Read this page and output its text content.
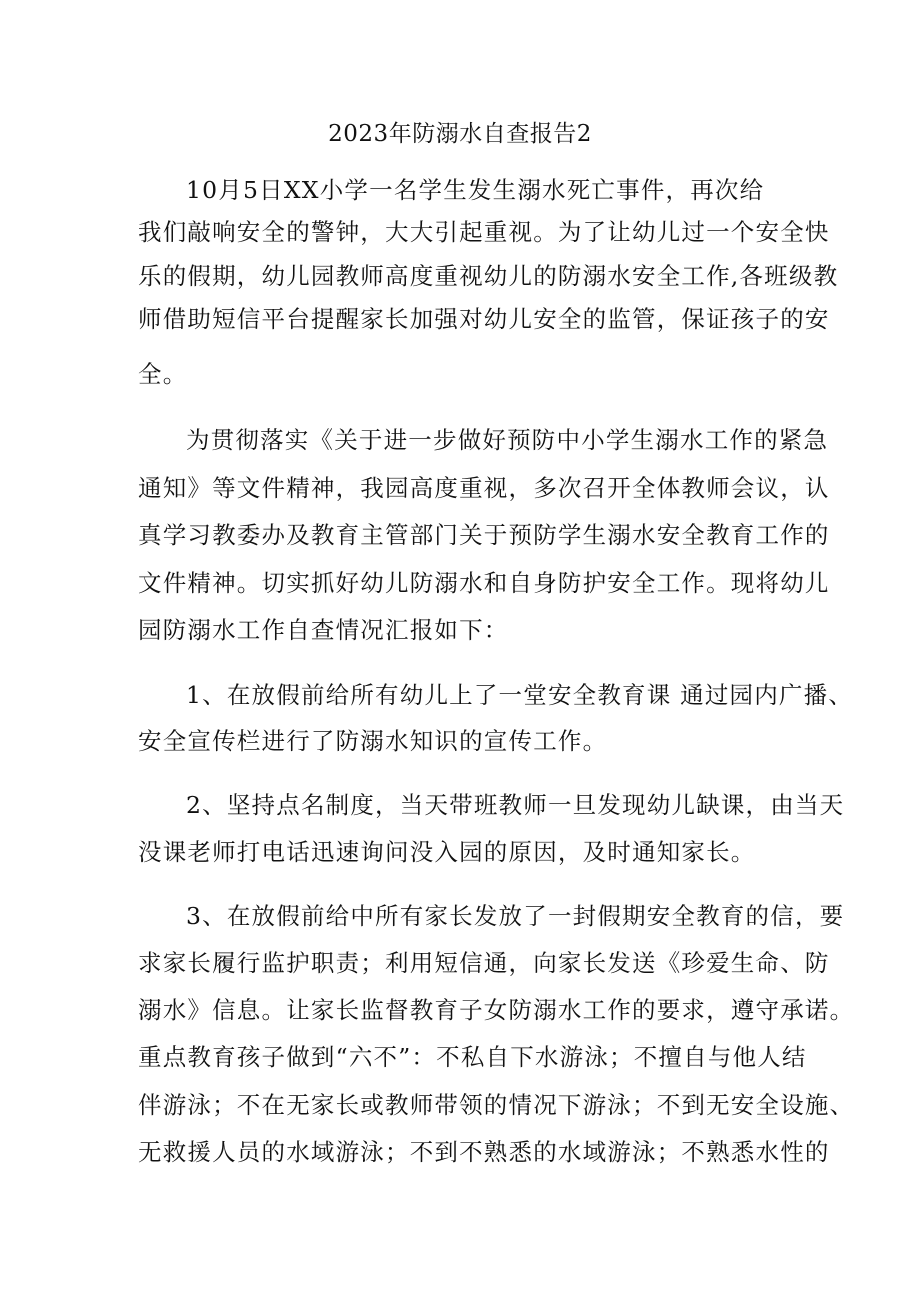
2023年防溺水自查报告2
10月5日XX小学一名学生发生溺水死亡事件，再次给
我们敲响安全的警钟，大大引起重视。为了让幼儿过一个安全快
乐的假期，幼儿园教师高度重视幼儿的防溺水安全工作,各班级教
师借助短信平台提醒家长加强对幼儿安全的监管，保证孩子的安
全。
为贯彻落实《关于进一步做好预防中小学生溺水工作的紧急
通知》等文件精神，我园高度重视，多次召开全体教师会议，认
真学习教委办及教育主管部门关于预防学生溺水安全教育工作的
文件精神。切实抓好幼儿防溺水和自身防护安全工作。现将幼儿
园防溺水工作自查情况汇报如下：
1、在放假前给所有幼儿上了一堂安全教育课 通过园内广播、
安全宣传栏进行了防溺水知识的宣传工作。
2、坚持点名制度，当天带班教师一旦发现幼儿缺课，由当天
没课老师打电话迅速询问没入园的原因，及时通知家长。
3、在放假前给中所有家长发放了一封假期安全教育的信，要
求家长履行监护职责；利用短信通，向家长发送《珍爱生命、防
溺水》信息。让家长监督教育子女防溺水工作的要求，遵守承诺。
重点教育孩子做到“六不”：不私自下水游泳；不擅自与他人结
伴游泳；不在无家长或教师带领的情况下游泳；不到无安全设施、
无救援人员的水域游泳；不到不熟悉的水域游泳；不熟悉水性的
